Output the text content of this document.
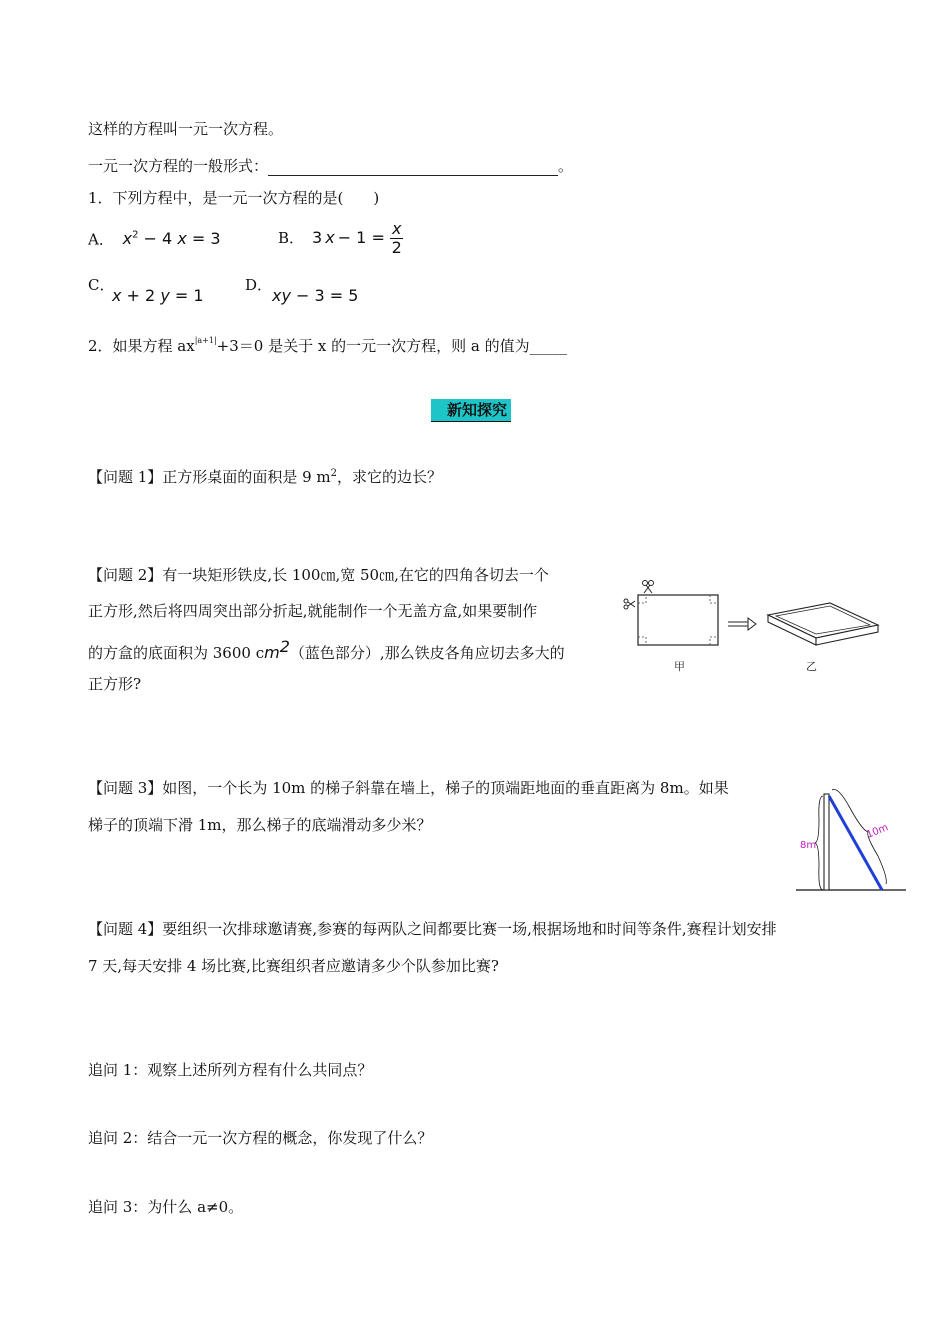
这样的方程叫一元一次方程。
一元一次方程的一般形式：	。
1．下列方程中，是一元一次方程的是(　　)
A． $x^2 - 4$ x = 3	B． 3 $x - 1 = \frac{x}{2}$
C．
x + 2 y = 1
D．
xy − 3 = 5
2．如果方程 $ax^{|a+1|}+3=0$ 是关于 x 的一元一次方程，则 a 的值为_____
新知探究
【问题 1】正方形桌面的面积是 9 $m^2$，求它的边长？
【问题 2】有一块矩形铁皮,长 100㎝,宽 50㎝,在它的四角各切去一个
正方形,然后将四周突出部分折起,就能制作一个无盖方盒,如果要制作
的方盒的底面积为 3600 $cm^2$（蓝色部分）,那么铁皮各角应切去多大的
正方形?
甲	乙
【问题 3】如图，一个长为 10m 的梯子斜靠在墙上，梯子的顶端距地面的垂直距离为 8m。如果
梯子的顶端下滑 1m，那么梯子的底端滑动多少米？
8m
10m
【问题 4】要组织一次排球邀请赛,参赛的每两队之间都要比赛一场,根据场地和时间等条件,赛程计划安排
7 天,每天安排 4 场比赛,比赛组织者应邀请多少个队参加比赛?
追问 1：观察上述所列方程有什么共同点？
追问 2：结合一元一次方程的概念，你发现了什么？
追问 3：为什么 a≠0。
